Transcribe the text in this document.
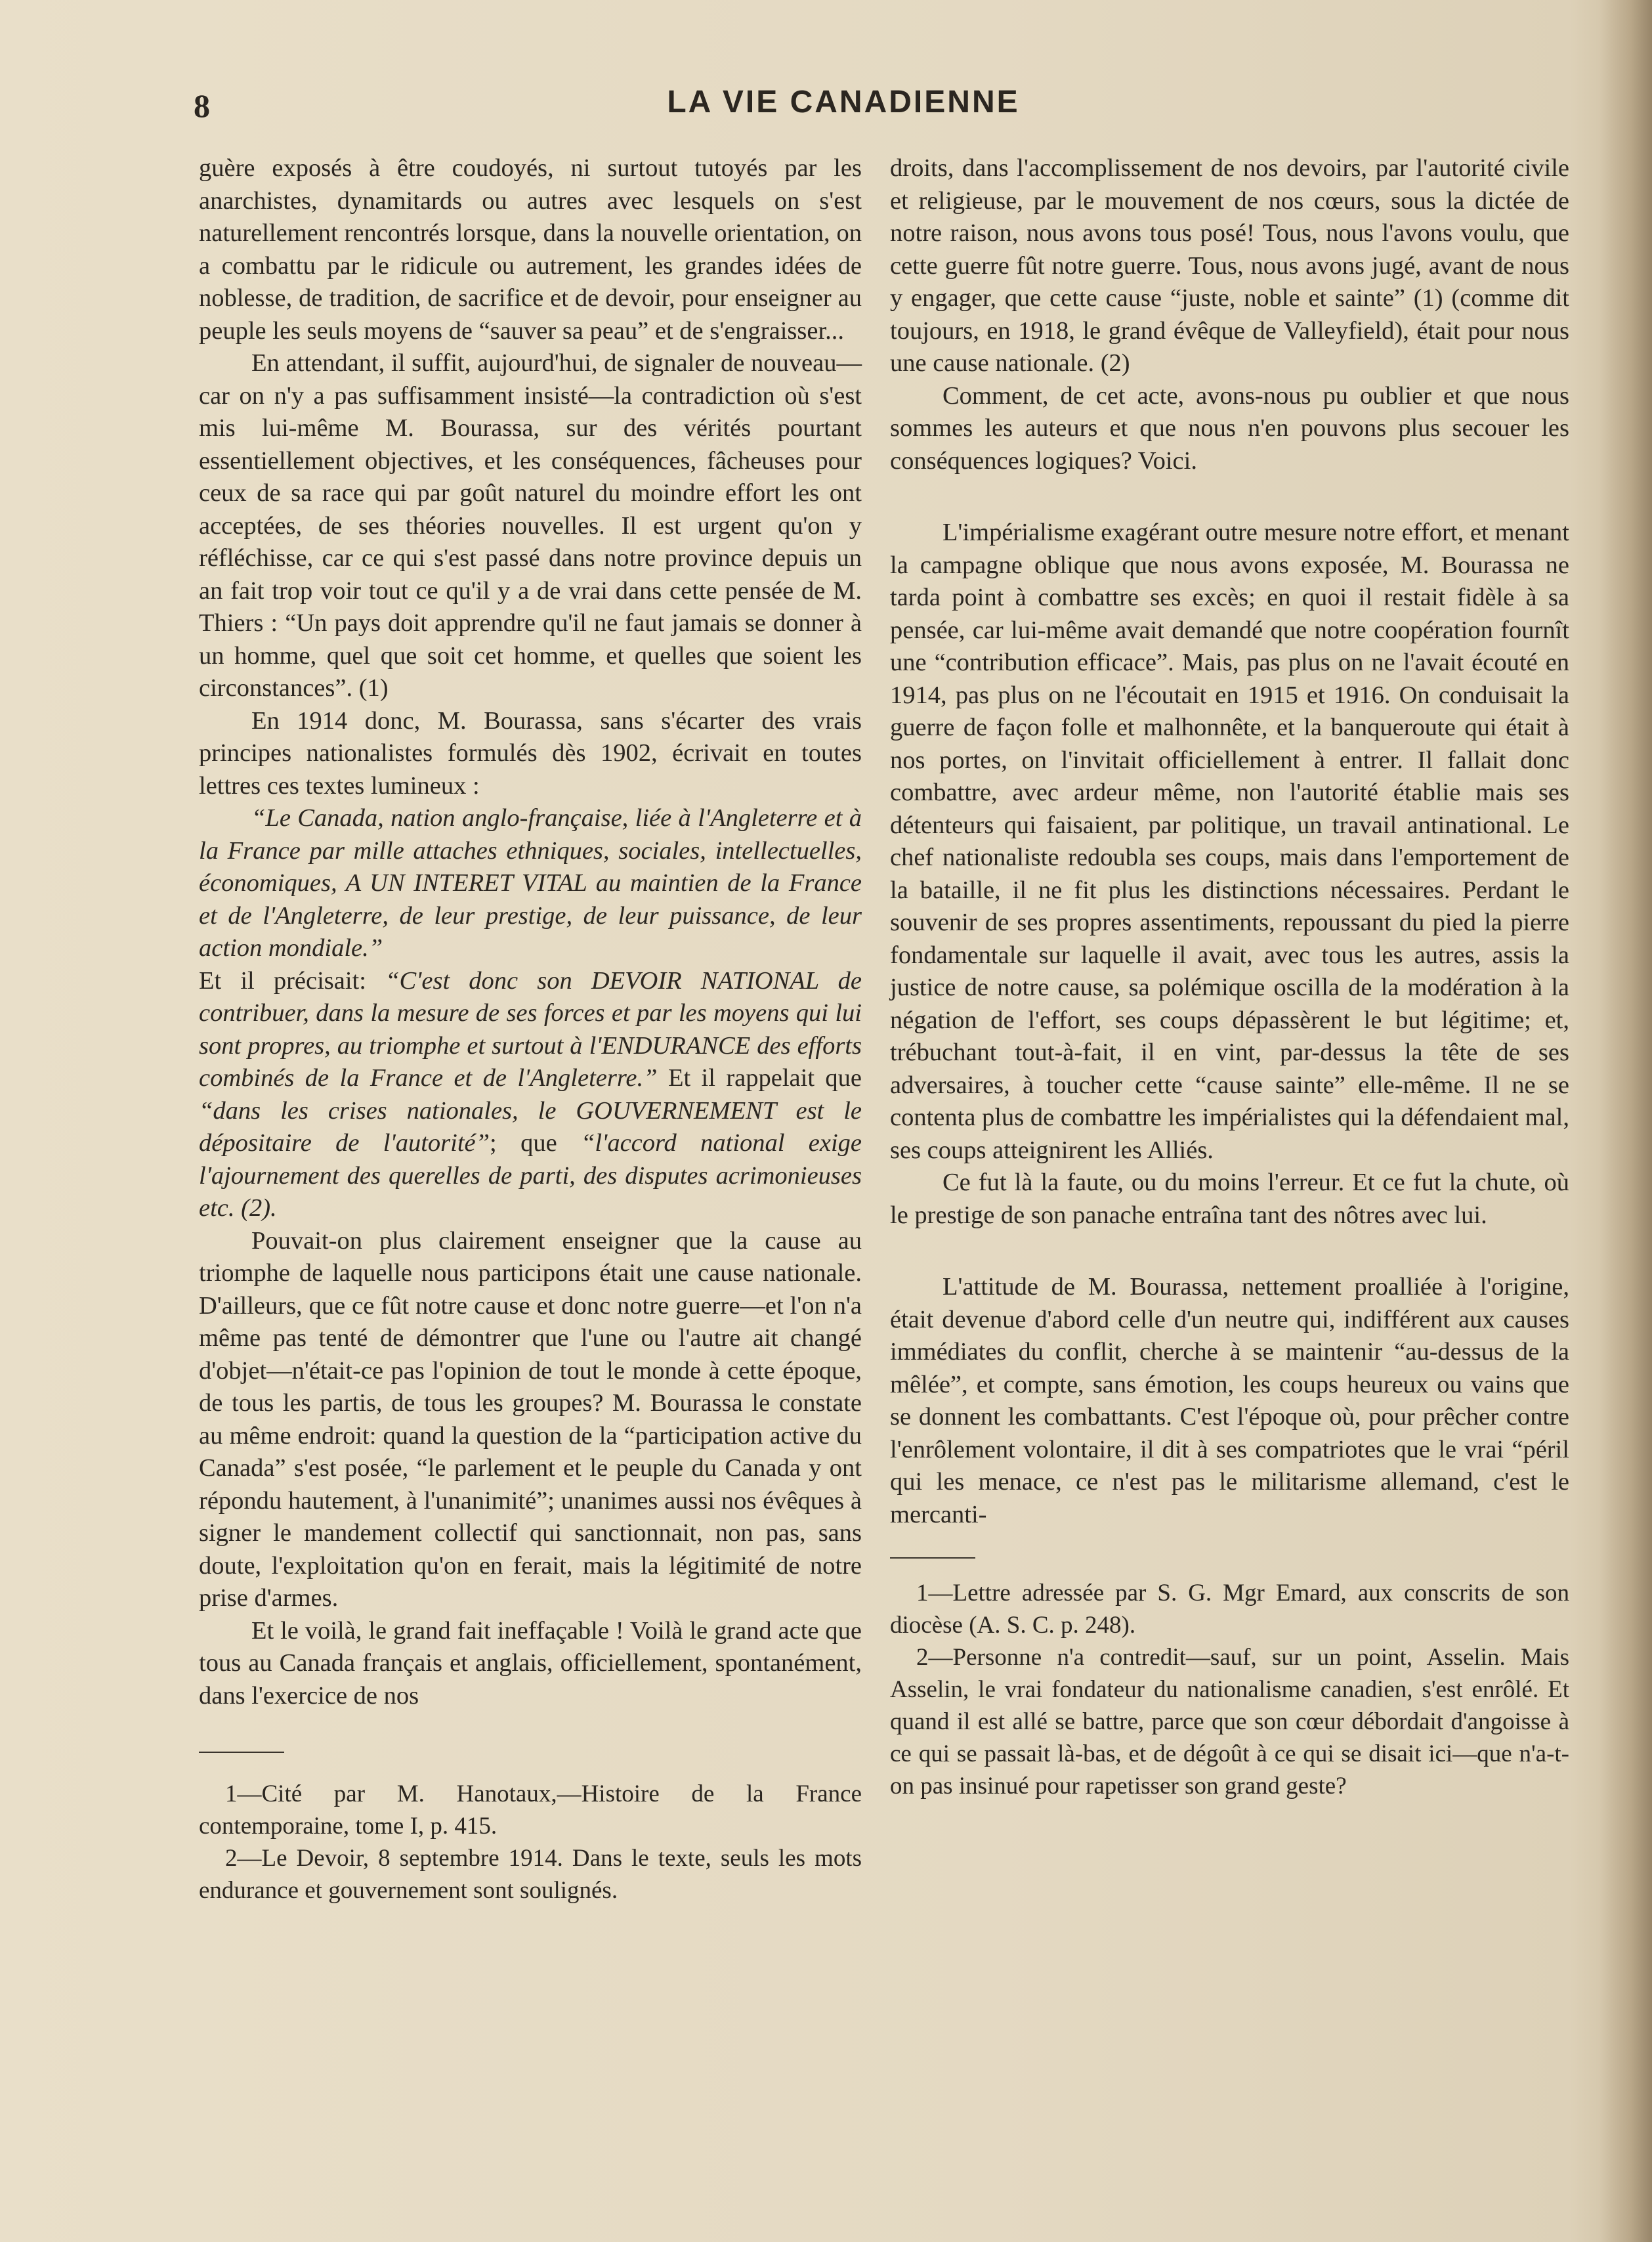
8	LA VIE CANADIENNE

guère exposés à être coudoyés, ni surtout tutoyés par les anarchistes, dynamitards ou autres avec lesquels on s'est naturellement rencontrés lorsque, dans la nouvelle orientation, on a combattu par le ridicule ou autrement, les grandes idées de noblesse, de tradition, de sacrifice et de devoir, pour enseigner au peuple les seuls moyens de “sauver sa peau” et de s'engraisser...

En attendant, il suffit, aujourd'hui, de signaler de nouveau—car on n'y a pas suffisamment insisté—la contradiction où s'est mis lui-même M. Bourassa, sur des vérités pourtant essentiellement objectives, et les conséquences, fâcheuses pour ceux de sa race qui par goût naturel du moindre effort les ont acceptées, de ses théories nouvelles. Il est urgent qu'on y réfléchisse, car ce qui s'est passé dans notre province depuis un an fait trop voir tout ce qu'il y a de vrai dans cette pensée de M. Thiers : “Un pays doit apprendre qu'il ne faut jamais se donner à un homme, quel que soit cet homme, et quelles que soient les circonstances”. (1)

En 1914 donc, M. Bourassa, sans s'écarter des vrais principes nationalistes formulés dès 1902, écrivait en toutes lettres ces textes lumineux :

“Le Canada, nation anglo-française, liée à l'Angleterre et à la France par mille attaches ethniques, sociales, intellectuelles, économiques, A UN INTERET VITAL au maintien de la France et de l'Angleterre, de leur prestige, de leur puissance, de leur action mondiale.”

Et il précisait: “C'est donc son DEVOIR NATIONAL de contribuer, dans la mesure de ses forces et par les moyens qui lui sont propres, au triomphe et surtout à l'ENDURANCE des efforts combinés de la France et de l'Angleterre.” Et il rappelait que “dans les crises nationales, le GOUVERNEMENT est le dépositaire de l'autorité”; que “l'accord national exige l'ajournement des querelles de parti, des disputes acrimonieuses etc. (2).

Pouvait-on plus clairement enseigner que la cause au triomphe de laquelle nous participons était une cause nationale. D'ailleurs, que ce fût notre cause et donc notre guerre—et l'on n'a même pas tenté de démontrer que l'une ou l'autre ait changé d'objet—n'était-ce pas l'opinion de tout le monde à cette époque, de tous les partis, de tous les groupes? M. Bourassa le constate au même endroit: quand la question de la “participation active du Canada” s'est posée, “le parlement et le peuple du Canada y ont répondu hautement, à l'unanimité”; unanimes aussi nos évêques à signer le mandement collectif qui sanctionnait, non pas, sans doute, l'exploitation qu'on en ferait, mais la légitimité de notre prise d'armes.

Et le voilà, le grand fait ineffaçable ! Voilà le grand acte que tous au Canada français et anglais, officiellement, spontanément, dans l'exercice de nos

1—Cité par M. Hanotaux,—Histoire de la France contemporaine, tome I, p. 415.

2—Le Devoir, 8 septembre 1914. Dans le texte, seuls les mots endurance et gouvernement sont soulignés.

droits, dans l'accomplissement de nos devoirs, par l'autorité civile et religieuse, par le mouvement de nos cœurs, sous la dictée de notre raison, nous avons tous posé! Tous, nous l'avons voulu, que cette guerre fût notre guerre. Tous, nous avons jugé, avant de nous y engager, que cette cause “juste, noble et sainte” (1) (comme dit toujours, en 1918, le grand évêque de Valleyfield), était pour nous une cause nationale. (2)

Comment, de cet acte, avons-nous pu oublier et que nous sommes les auteurs et que nous n'en pouvons plus secouer les conséquences logiques? Voici.

L'impérialisme exagérant outre mesure notre effort, et menant la campagne oblique que nous avons exposée, M. Bourassa ne tarda point à combattre ses excès; en quoi il restait fidèle à sa pensée, car lui-même avait demandé que notre coopération fournît une “contribution efficace”. Mais, pas plus on ne l'avait écouté en 1914, pas plus on ne l'écoutait en 1915 et 1916. On conduisait la guerre de façon folle et malhonnête, et la banqueroute qui était à nos portes, on l'invitait officiellement à entrer. Il fallait donc combattre, avec ardeur même, non l'autorité établie mais ses détenteurs qui faisaient, par politique, un travail antinational. Le chef nationaliste redoubla ses coups, mais dans l'emportement de la bataille, il ne fit plus les distinctions nécessaires. Perdant le souvenir de ses propres assentiments, repoussant du pied la pierre fondamentale sur laquelle il avait, avec tous les autres, assis la justice de notre cause, sa polémique oscilla de la modération à la négation de l'effort, ses coups dépassèrent le but légitime; et, trébuchant tout-à-fait, il en vint, par-dessus la tête de ses adversaires, à toucher cette “cause sainte” elle-même. Il ne se contenta plus de combattre les impérialistes qui la défendaient mal, ses coups atteignirent les Alliés.

Ce fut là la faute, ou du moins l'erreur. Et ce fut la chute, où le prestige de son panache entraîna tant des nôtres avec lui.

L'attitude de M. Bourassa, nettement proalliée à l'origine, était devenue d'abord celle d'un neutre qui, indifférent aux causes immédiates du conflit, cherche à se maintenir “au-dessus de la mêlée”, et compte, sans émotion, les coups heureux ou vains que se donnent les combattants. C'est l'époque où, pour prêcher contre l'enrôlement volontaire, il dit à ses compatriotes que le vrai “péril qui les menace, ce n'est pas le militarisme allemand, c'est le mercanti-

1—Lettre adressée par S. G. Mgr Emard, aux conscrits de son diocèse (A. S. C. p. 248).

2—Personne n'a contredit—sauf, sur un point, Asselin. Mais Asselin, le vrai fondateur du nationalisme canadien, s'est enrôlé. Et quand il est allé se battre, parce que son cœur débordait d'angoisse à ce qui se passait là-bas, et de dégoût à ce qui se disait ici—que n'a-t-on pas insinué pour rapetisser son grand geste?
